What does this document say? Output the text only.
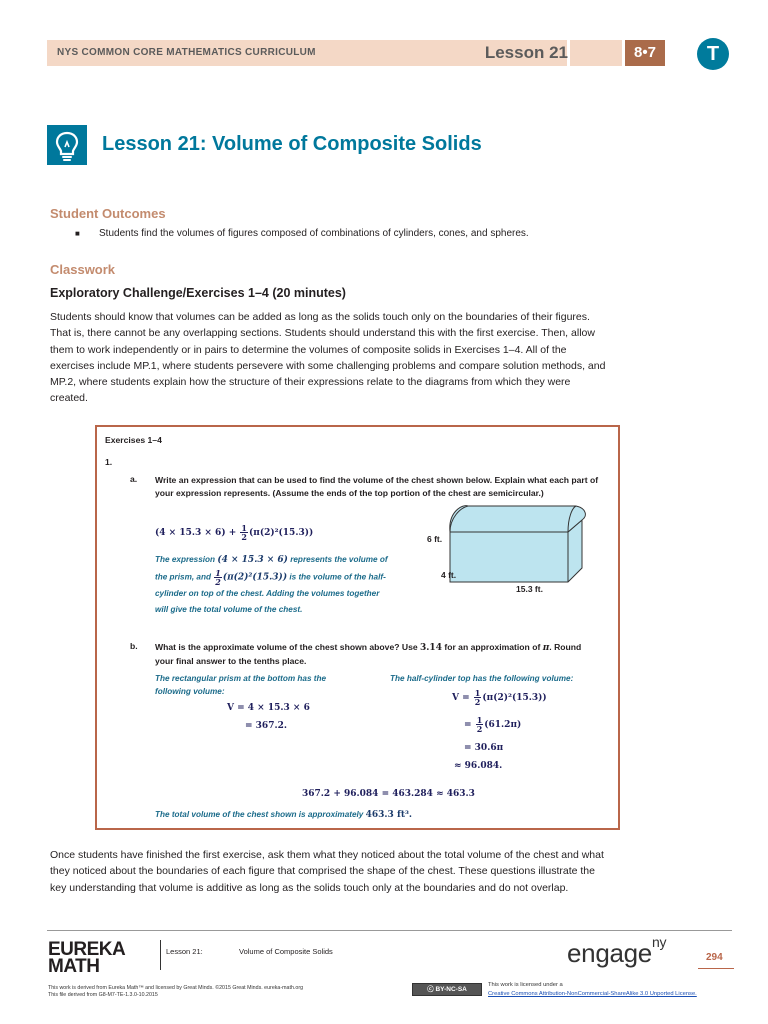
NYS COMMON CORE MATHEMATICS CURRICULUM	Lesson 21	8•7	T
Lesson 21: Volume of Composite Solids
Student Outcomes
■ Students find the volumes of figures composed of combinations of cylinders, cones, and spheres.
Classwork
Exploratory Challenge/Exercises 1–4 (20 minutes)
Students should know that volumes can be added as long as the solids touch only on the boundaries of their figures.
That is, there cannot be any overlapping sections. Students should understand this with the first exercise. Then, allow
them to work independently or in pairs to determine the volumes of composite solids in Exercises 1–4. All of the
exercises include MP.1, where students persevere with some challenging problems and compare solution methods, and
MP.2, where students explain how the structure of their expressions relate to the diagrams from which they were
created.
Exercises 1–4
1.
a. Write an expression that can be used to find the volume of the chest shown below. Explain what each part of
your expression represents. (Assume the ends of the top portion of the chest are semicircular.)
$(4 \times 15.3 \times 6) + \frac{1}{2} (\pi(2)^2(15.3))$
The expression (4 × 15.3 × 6) represents the volume of
the prism, and $\frac{1}{2} (\pi(2)^2(15.3))$ is the volume of the half-
cylinder on top of the chest. Adding the volumes together
will give the total volume of the chest.
6 ft.
4 ft.
15.3 ft.
b. What is the approximate volume of the chest shown above? Use 3.14 for an approximation of π. Round
your final answer to the tenths place.
The rectangular prism at the bottom has the
following volume:
V = 4 × 15.3 × 6
= 367.2.
The half-cylinder top has the following volume:
$V = \frac{1}{2} (\pi(2)^2(15.3))$
= $\frac{1}{2} (61.2\pi)$
= 30.6π
≈ 96.084.
367.2 + 96.084 = 463.284 ≈ 463.3
The total volume of the chest shown is approximately 463.3 ft³.
Once students have finished the first exercise, ask them what they noticed about the total volume of the chest and what
they noticed about the boundaries of each figure that comprised the shape of the chest. These questions illustrate the
key understanding that volume is additive as long as the solids touch only at the boundaries and do not overlap.
EUREKA
MATH
Lesson 21:	Volume of Composite Solids	engage$^{ny}$
294
This work is derived from Eureka Math™ and licensed by Great Minds. ©2015 Great Minds. eureka-math.org
This file derived from G8-M7-TE-1.3.0-10.2015
ⓒ BY-NC-SA
This work is licensed under a
Creative Commons Attribution-NonCommercial-ShareAlike 3.0 Unported License.
